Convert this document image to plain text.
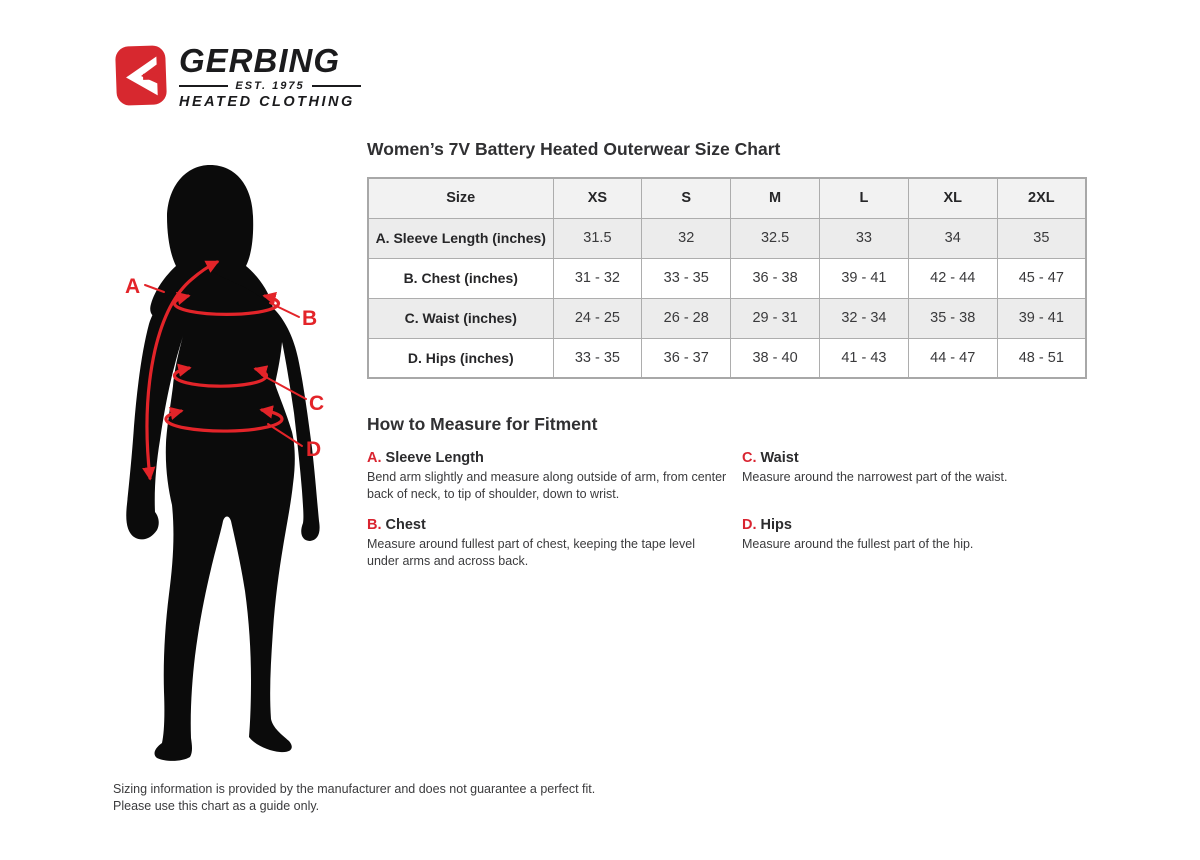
GERBING
EST. 1975
HEATED CLOTHING
A
B
C
D
Women’s 7V Battery Heated Outerwear Size Chart
Size	XS	S	M	L	XL	2XL
A. Sleeve Length (inches)	31.5	32	32.5	33	34	35
B. Chest (inches)	31 - 32	33 - 35	36 - 38	39 - 41	42 - 44	45 - 47
C. Waist (inches)	24 - 25	26 - 28	29 - 31	32 - 34	35 - 38	39 - 41
D. Hips (inches)	33 - 35	36 - 37	38 - 40	41 - 43	44 - 47	48 - 51
How to Measure for Fitment
A. Sleeve Length
Bend arm slightly and measure along outside of arm, from center back of neck, to tip of shoulder, down to wrist.
B. Chest
Measure around fullest part of chest, keeping the tape level under arms and across back.
C. Waist
Measure around the narrowest part of the waist.
D. Hips
Measure around the fullest part of the hip.
Sizing information is provided by the manufacturer and does not guarantee a perfect fit.
Please use this chart as a guide only.
